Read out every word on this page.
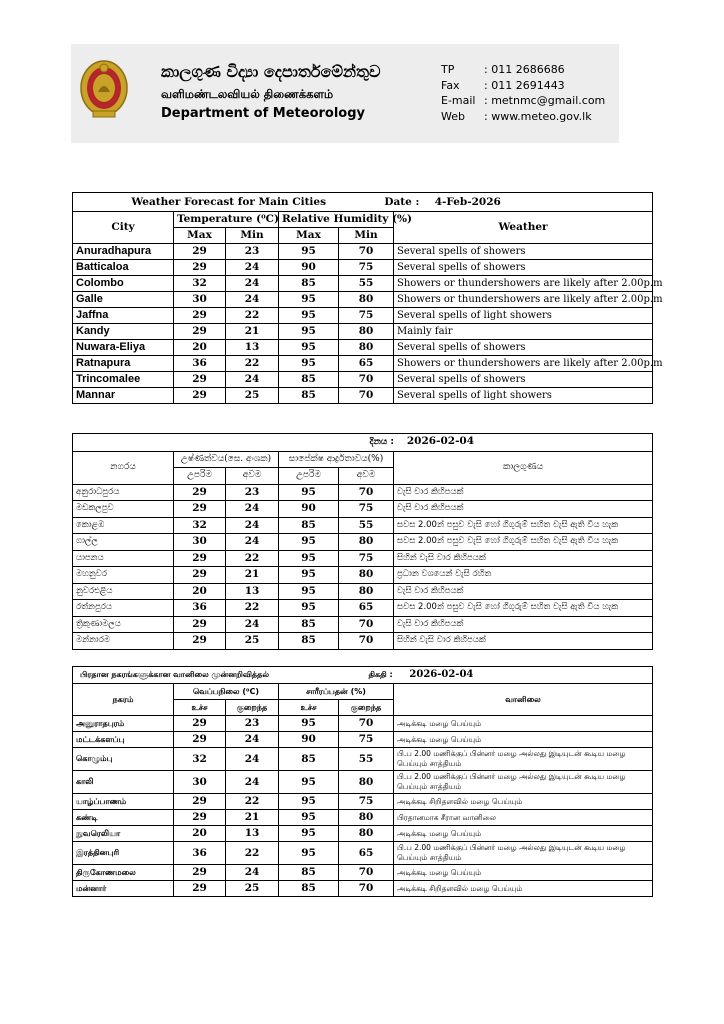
කාලගුණ විද්‍යා දෙපාර්තමේන්තුව
வளிமண்டலவியல் திணைக்களம்
Department of Meteorology
TP	: 011 2686686
Fax : 011 2691443
E-mail : metnmc@gmail.com
Web : www.meteo.gov.lk
Weather Forecast for Main Cities Date : 4-Feb-2026					
City	Temperature (⁰C)		Relative Humidity (%)		Weather
	Max	Min	Max	Min	
Anuradhapura	29	23	95	70	Several spells of showers
Batticaloa	29	24	90	75	Several spells of showers
Colombo	32	24	85	55	Showers or thundershowers are likely after 2.00p.m
Galle	30	24	95	80	Showers or thundershowers are likely after 2.00p.m
Jaffna	29	22	95	75	Several spells of light showers
Kandy	29	21	95	80	Mainly fair
Nuwara-Eliya	20	13	95	80	Several spells of showers
Ratnapura	36	22	95	65	Showers or thundershowers are likely after 2.00p.m
Trincomalee	29	24	85	70	Several spells of showers
Mannar	29	25	85	70	Several spells of light showers
දිනය : 2026-02-04					
නගරය	උෂ්ණත්වය(සෙ. අංශක)		සාපේක්ෂ ආර්ද්‍රතාවය(%)		කාලගුණය
	උපරිම	අවම	උපරිම	අවම	
අනුරාධපුරය	29	23	95	70	වැසි වාර කිහිපයක්
මඩකලපුව	29	24	90	75	වැසි වාර කිහිපයක්
කොළඹ	32	24	85	55	සවස 2.00න් පසුව වැසි හෝ ගිගුරුම් සහිත වැසි ඇති වීය හැක
ගාල්ල	30	24	95	80	සවස 2.00න් පසුව වැසි හෝ ගිගුරුම් සහිත වැසි ඇති වීය හැක
යාපනය	29	22	95	75	සිහින් වැසි වාර කිහිපයක්
මහනුවර	29	21	95	80	ප්‍රධාන වශයෙන් වැසි රහිත
නුවරඑළිය	20	13	95	80	වැසි වාර කිහිපයක්
රත්නපුරය	36	22	95	65	සවස 2.00න් පසුව වැසි හෝ ගිගුරුම් සහිත වැසි ඇති වීය හැක
ත්‍රිකුණාමලය	29	24	85	70	වැසි වාර කිහිපයක්
මන්නාරම	29	25	85	70	සිහින් වැසි වාර කිහිපයක්
பிரதான நகரங்களுக்கான வானிலை முன்னறிவித்தல் திகதி : 2026-02-04					
நகரம்	வெப்பநிலை (⁰C)		சாரீரப்பதன் (%)		வானிலை
	உச்ச	குறைந்த	உச்ச	குறைந்த	
அனுராதபுரம்	29	23	95	70	அடிக்கடி மழை பெய்யும்
மட்டக்களப்பு	29	24	90	75	அடிக்கடி மழை பெய்யும்
கொழும்பு	32	24	85	55	பி.ப 2.00 மணிக்குப் பின்னர் மழை அல்லது இடியுடன் கூடிய மழை பெய்யும் சாத்தியம்
காலி	30	24	95	80	பி.ப 2.00 மணிக்குப் பின்னர் மழை அல்லது இடியுடன் கூடிய மழை பெய்யும் சாத்தியம்
யாழ்ப்பாணம்	29	22	95	75	அடிக்கடி சிறிதளவில் மழை பெய்யும்
கண்டி	29	21	95	80	பிரதானமாக சீரான வானிலை
நுவரெலியா	20	13	95	80	அடிக்கடி மழை பெய்யும்
இரத்தினபுரி	36	22	95	65	பி.ப 2.00 மணிக்குப் பின்னர் மழை அல்லது இடியுடன் கூடிய மழை பெய்யும் சாத்தியம்
திருகோணமலை	29	24	85	70	அடிக்கடி மழை பெய்யும்
மன்னார்	29	25	85	70	அடிக்கடி சிறிதளவில் மழை பெய்யும்
